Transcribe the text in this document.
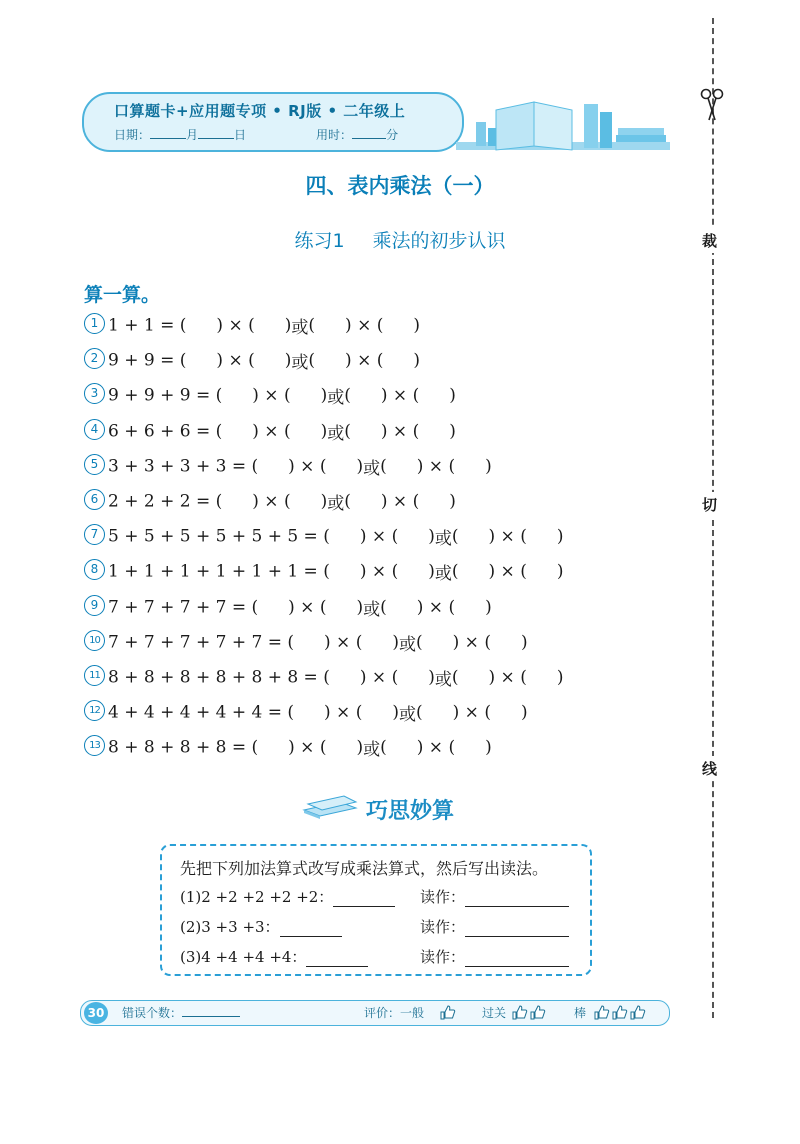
口算题卡+应用题专项 • RJ版 • 二年级上
日期：	月	日	用时：	分
裁
切
线
四、表内乘法（一）
练习1 乘法的初步认识
算一算。
1 1 + 1 = ( ) × ( )或( ) × ( )
2 9 + 9 = ( ) × ( )或( ) × ( )
3 9 + 9 + 9 = ( ) × ( )或( ) × ( )
4 6 + 6 + 6 = ( ) × ( )或( ) × ( )
5 3 + 3 + 3 + 3 = ( ) × ( )或( ) × ( )
6 2 + 2 + 2 = ( ) × ( )或( ) × ( )
7 5 + 5 + 5 + 5 + 5 + 5 = ( ) × ( )或( ) × ( )
8 1 + 1 + 1 + 1 + 1 + 1 = ( ) × ( )或( ) × ( )
9 7 + 7 + 7 + 7 = ( ) × ( )或( ) × ( )
10 7 + 7 + 7 + 7 + 7 = ( ) × ( )或( ) × ( )
11 8 + 8 + 8 + 8 + 8 + 8 = ( ) × ( )或( ) × ( )
12 4 + 4 + 4 + 4 + 4 = ( ) × ( )或( ) × ( )
13 8 + 8 + 8 + 8 = ( ) × ( )或( ) × ( )
巧思妙算
先把下列加法算式改写成乘法算式，然后写出读法。
(1)2 +2 +2 +2 +2：	读作：
(2)3 +3 +3：	读作：
(3)4 +4 +4 +4：	读作：
30	错误个数：	评价：一般	过关	棒
